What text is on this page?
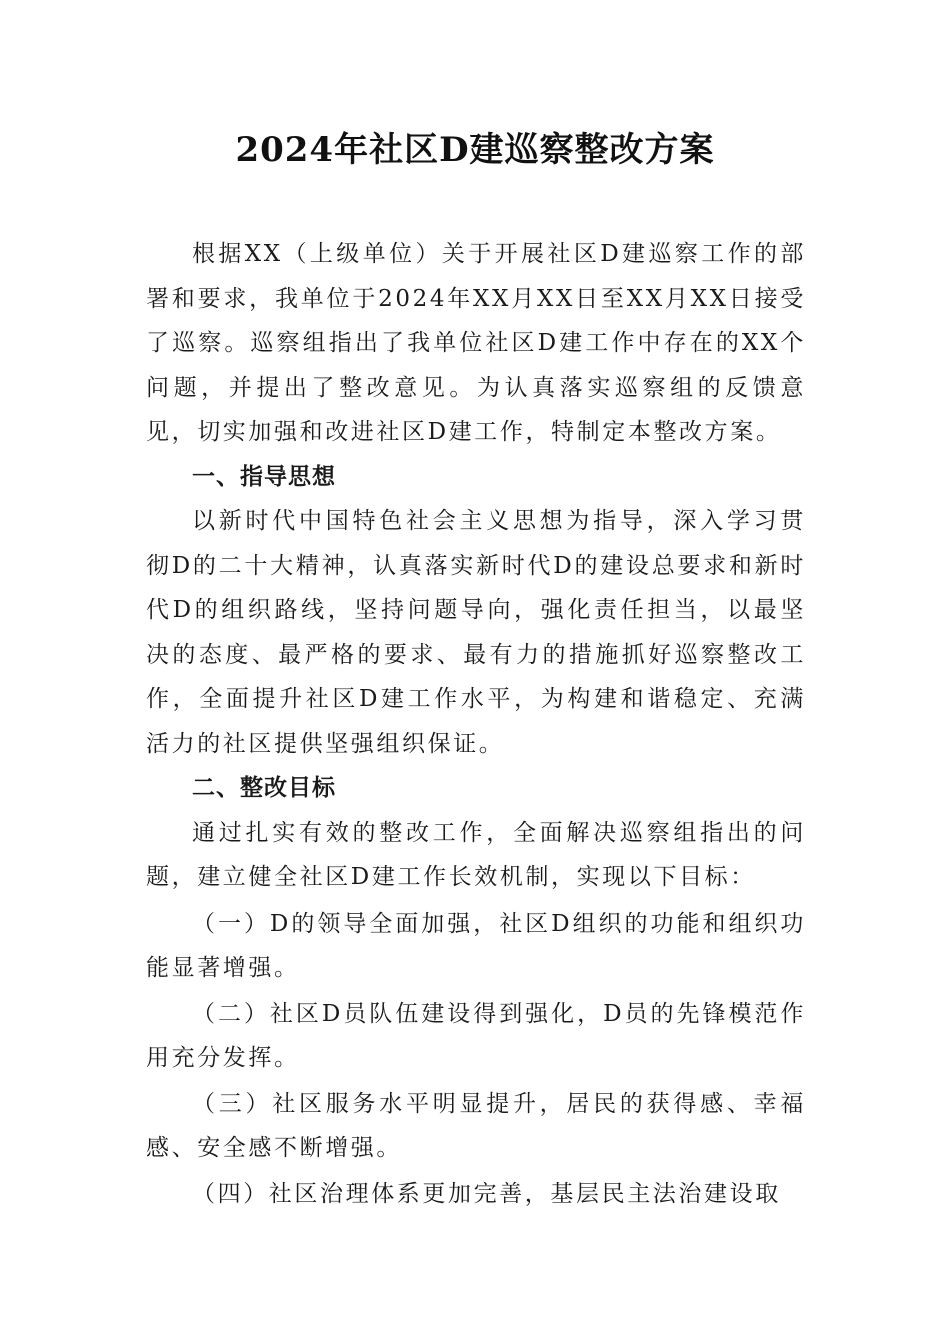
2024年社区D建巡察整改方案

根据XX（上级单位）关于开展社区D建巡察工作的部署和要求，我单位于2024年XX月XX日至XX月XX日接受了巡察。巡察组指出了我单位社区D建工作中存在的XX个问题，并提出了整改意见。为认真落实巡察组的反馈意见，切实加强和改进社区D建工作，特制定本整改方案。

一、指导思想

以新时代中国特色社会主义思想为指导，深入学习贯彻D的二十大精神，认真落实新时代D的建设总要求和新时代D的组织路线，坚持问题导向，强化责任担当，以最坚决的态度、最严格的要求、最有力的措施抓好巡察整改工作，全面提升社区D建工作水平，为构建和谐稳定、充满活力的社区提供坚强组织保证。

二、整改目标

通过扎实有效的整改工作，全面解决巡察组指出的问题，建立健全社区D建工作长效机制，实现以下目标：

（一）D的领导全面加强，社区D组织的功能和组织功能显著增强。

（二）社区D员队伍建设得到强化，D员的先锋模范作用充分发挥。

（三）社区服务水平明显提升，居民的获得感、幸福感、安全感不断增强。

（四）社区治理体系更加完善，基层民主法治建设取
